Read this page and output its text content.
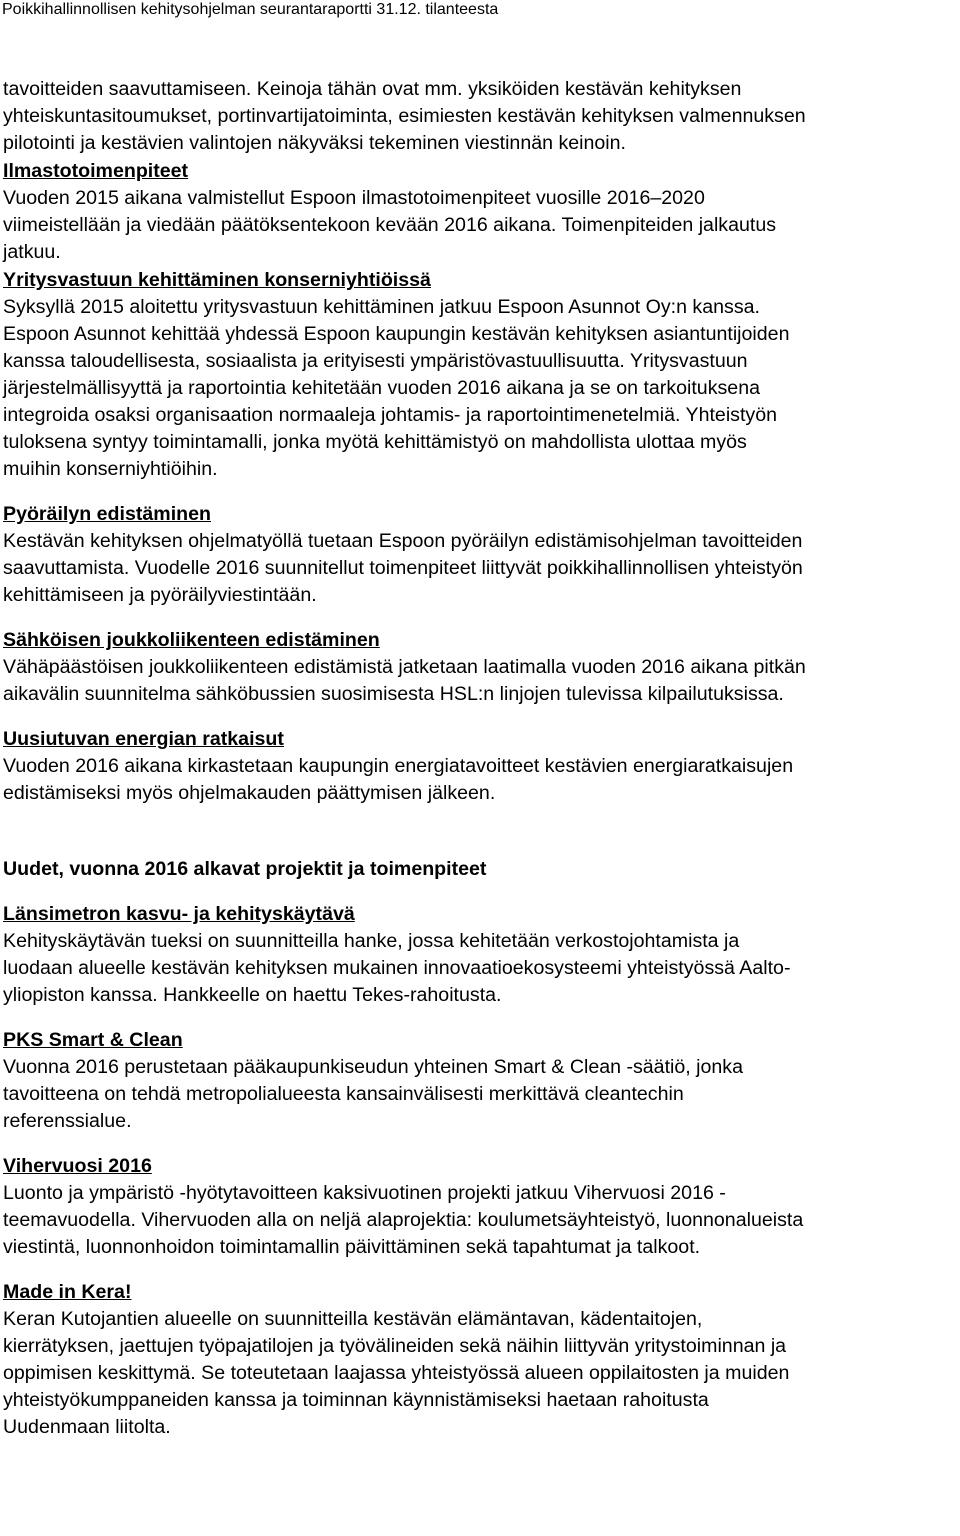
Poikkihallinnollisen kehitysohjelman seurantaraportti 31.12. tilanteesta

tavoitteiden saavuttamiseen. Keinoja tähän ovat mm. yksiköiden kestävän kehityksen

yhteiskuntasitoumukset, portinvartijatoiminta, esimiesten kestävän kehityksen valmennuksen

pilotointi ja kestävien valintojen näkyväksi tekeminen viestinnän keinoin.

Ilmastotoimenpiteet

Vuoden 2015 aikana valmistellut Espoon ilmastotoimenpiteet vuosille 2016–2020

viimeistellään ja viedään päätöksentekoon kevään 2016 aikana. Toimenpiteiden jalkautus

jatkuu.

Yritysvastuun kehittäminen konserniyhtiöissä

Syksyllä 2015 aloitettu yritysvastuun kehittäminen jatkuu Espoon Asunnot Oy:n kanssa.

Espoon Asunnot kehittää yhdessä Espoon kaupungin kestävän kehityksen asiantuntijoiden

kanssa taloudellisesta, sosiaalista ja erityisesti ympäristövastuullisuutta. Yritysvastuun

järjestelmällisyyttä ja raportointia kehitetään vuoden 2016 aikana ja se on tarkoituksena

integroida osaksi organisaation normaaleja johtamis- ja raportointimenetelmiä. Yhteistyön

tuloksena syntyy toimintamalli, jonka myötä kehittämistyö on mahdollista ulottaa myös

muihin konserniyhtiöihin.

Pyöräilyn edistäminen

Kestävän kehityksen ohjelmatyöllä tuetaan Espoon pyöräilyn edistämisohjelman tavoitteiden

saavuttamista. Vuodelle 2016 suunnitellut toimenpiteet liittyvät poikkihallinnollisen yhteistyön

kehittämiseen ja pyöräilyviestintään.

Sähköisen joukkoliikenteen edistäminen

Vähäpäästöisen joukkoliikenteen edistämistä jatketaan laatimalla vuoden 2016 aikana pitkän

aikavälin suunnitelma sähköbussien suosimisesta HSL:n linjojen tulevissa kilpailutuksissa.

Uusiutuvan energian ratkaisut

Vuoden 2016 aikana kirkastetaan kaupungin energiatavoitteet kestävien energiaratkaisujen

edistämiseksi myös ohjelmakauden päättymisen jälkeen.

Uudet, vuonna 2016 alkavat projektit ja toimenpiteet

Länsimetron kasvu- ja kehityskäytävä

Kehityskäytävän tueksi on suunnitteilla hanke, jossa kehitetään verkostojohtamista ja

luodaan alueelle kestävän kehityksen mukainen innovaatioekosysteemi yhteistyössä Aalto-

yliopiston kanssa. Hankkeelle on haettu Tekes-rahoitusta.

PKS Smart & Clean

Vuonna 2016 perustetaan pääkaupunkiseudun yhteinen Smart & Clean -säätiö, jonka

tavoitteena on tehdä metropolialueesta kansainvälisesti merkittävä cleantechin

referenssialue.

Vihervuosi 2016

Luonto ja ympäristö -hyötytavoitteen kaksivuotinen projekti jatkuu Vihervuosi 2016 -

teemavuodella. Vihervuoden alla on neljä alaprojektia: koulumetsäyhteistyö, luonnonalueista

viestintä, luonnonhoidon toimintamallin päivittäminen sekä tapahtumat ja talkoot.

Made in Kera!

Keran Kutojantien alueelle on suunnitteilla kestävän elämäntavan, kädentaitojen,

kierrätyksen, jaettujen työpajatilojen ja työvälineiden sekä näihin liittyvän yritystoiminnan ja

oppimisen keskittymä. Se toteutetaan laajassa yhteistyössä alueen oppilaitosten ja muiden

yhteistyökumppaneiden kanssa ja toiminnan käynnistämiseksi haetaan rahoitusta

Uudenmaan liitolta.
